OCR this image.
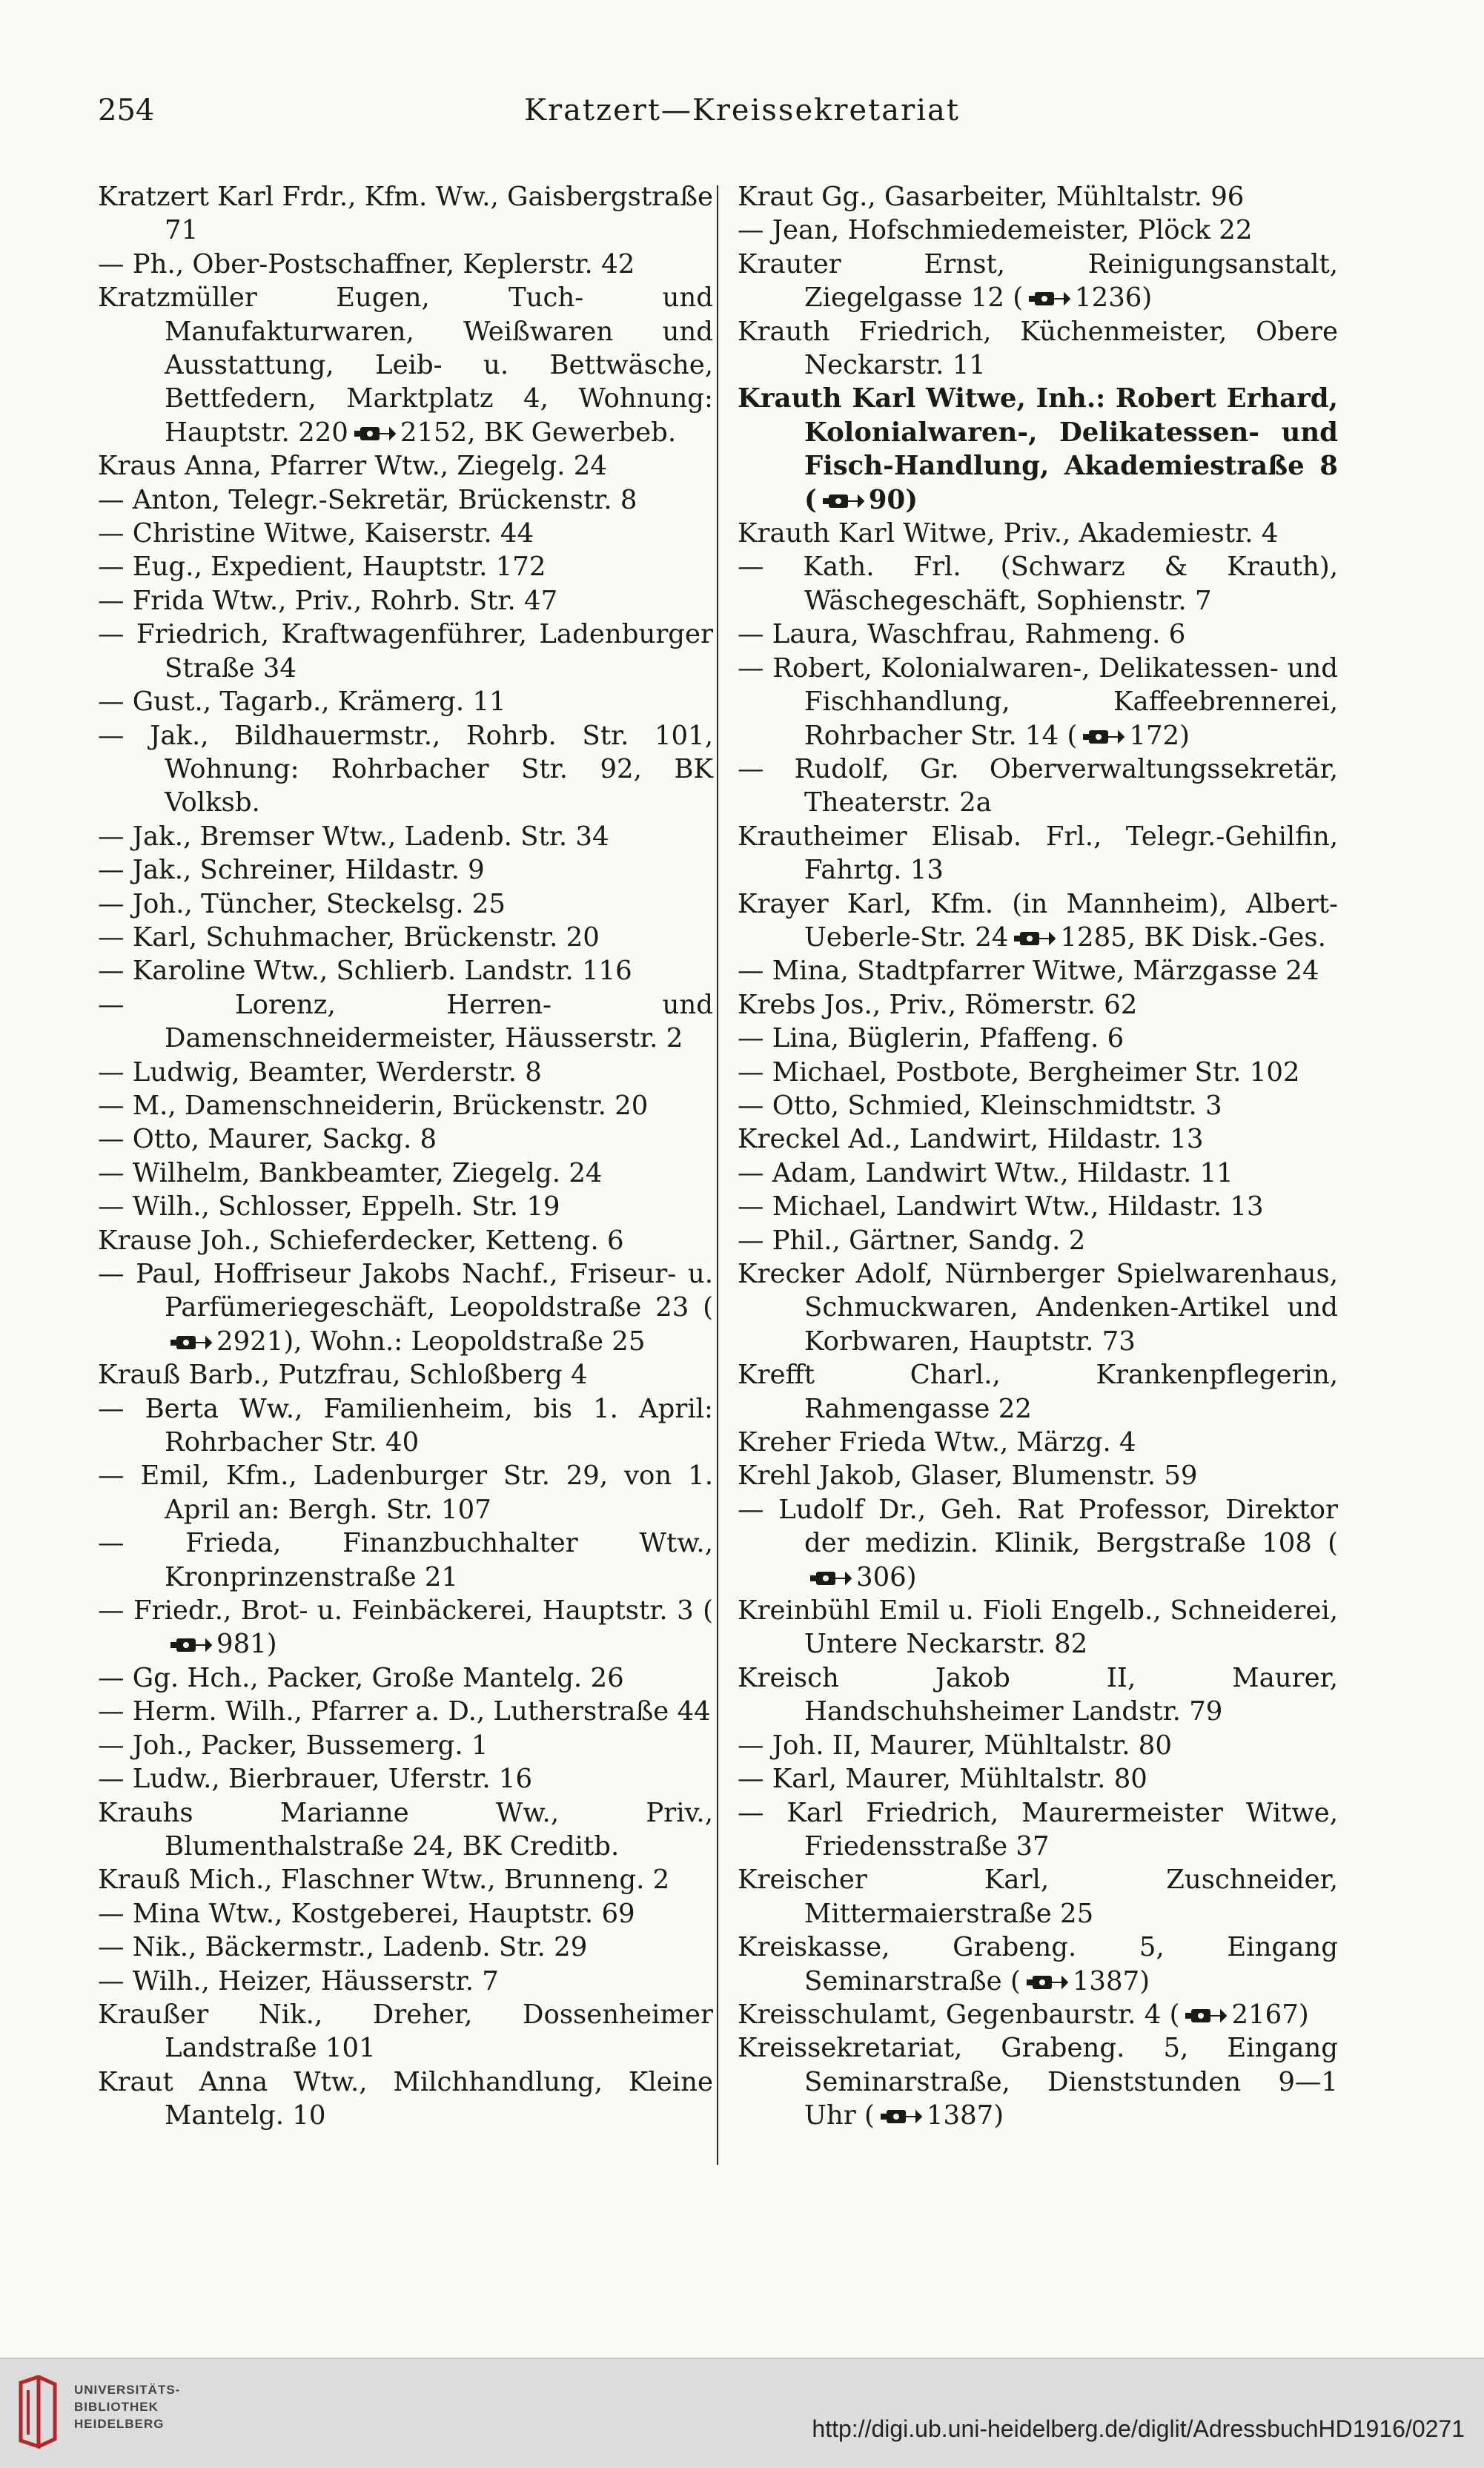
254	Kratzert—Kreissekretariat
Kratzert Karl Frdr., Kfm. Ww., Gaisbergstraße 71
— Ph., Ober-Postschaffner, Keplerstr. 42
Kratzmüller Eugen, Tuch- und Manufakturwaren, Weißwaren und Ausstattung, Leib- u. Bettwäsche, Bettfedern, Marktplatz 4, Wohnung: Hauptstr. 220 2152, BK Gewerbeb.
Kraus Anna, Pfarrer Wtw., Ziegelg. 24
— Anton, Telegr.-Sekretär, Brückenstr. 8
— Christine Witwe, Kaiserstr. 44
— Eug., Expedient, Hauptstr. 172
— Frida Wtw., Priv., Rohrb. Str. 47
— Friedrich, Kraftwagenführer, Ladenburger Straße 34
— Gust., Tagarb., Krämerg. 11
— Jak., Bildhauermstr., Rohrb. Str. 101, Wohnung: Rohrbacher Str. 92, BK Volksb.
— Jak., Bremser Wtw., Ladenb. Str. 34
— Jak., Schreiner, Hildastr. 9
— Joh., Tüncher, Steckelsg. 25
— Karl, Schuhmacher, Brückenstr. 20
— Karoline Wtw., Schlierb. Landstr. 116
— Lorenz, Herren- und Damenschneidermeister, Häusserstr. 2
— Ludwig, Beamter, Werderstr. 8
— M., Damenschneiderin, Brückenstr. 20
— Otto, Maurer, Sackg. 8
— Wilhelm, Bankbeamter, Ziegelg. 24
— Wilh., Schlosser, Eppelh. Str. 19
Krause Joh., Schieferdecker, Ketteng. 6
— Paul, Hoffriseur Jakobs Nachf., Friseur- u. Parfümeriegeschäft, Leopoldstraße 23 (
2921), Wohn.: Leopoldstraße 25
Krauß Barb., Putzfrau, Schloßberg 4
— Berta Ww., Familienheim, bis 1. April: Rohrbacher Str. 40
— Emil, Kfm., Ladenburger Str. 29, von 1. April an: Bergh. Str. 107
— Frieda, Finanzbuchhalter Wtw., Kronprinzenstraße 21
— Friedr., Brot- u. Feinbäckerei, Hauptstr. 3 (
981)
— Gg. Hch., Packer, Große Mantelg. 26
— Herm. Wilh., Pfarrer a. D., Lutherstraße 44
— Joh., Packer, Bussemerg. 1
— Ludw., Bierbrauer, Uferstr. 16
Krauhs Marianne Ww., Priv., Blumenthalstraße 24, BK Creditb.
Krauß Mich., Flaschner Wtw., Brunneng. 2
— Mina Wtw., Kostgeberei, Hauptstr. 69
— Nik., Bäckermstr., Ladenb. Str. 29
— Wilh., Heizer, Häusserstr. 7
Kraußer Nik., Dreher, Dossenheimer Landstraße 101
Kraut Anna Wtw., Milchhandlung, Kleine Mantelg. 10
Kraut Gg., Gasarbeiter, Mühltalstr. 96
— Jean, Hofschmiedemeister, Plöck 22
Krauter Ernst, Reinigungsanstalt, Ziegelgasse 12 ( 1236)
Krauth Friedrich, Küchenmeister, Obere Neckarstr. 11
Krauth Karl Witwe, Inh.: Robert Erhard, Kolonialwaren-, Delikatessen- und Fisch-Handlung, Akademiestraße 8 ( 90)
Krauth Karl Witwe, Priv., Akademiestr. 4
— Kath. Frl. (Schwarz & Krauth), Wäschegeschäft, Sophienstr. 7
— Laura, Waschfrau, Rahmeng. 6
— Robert, Kolonialwaren-, Delikatessen- und Fischhandlung, Kaffeebrennerei, Rohrbacher Str. 14 ( 172)
— Rudolf, Gr. Oberverwaltungssekretär, Theaterstr. 2a
Krautheimer Elisab. Frl., Telegr.-Gehilfin, Fahrtg. 13
Krayer Karl, Kfm. (in Mannheim), Albert-Ueberle-Str. 24 1285, BK Disk.-Ges.
— Mina, Stadtpfarrer Witwe, Märzgasse 24
Krebs Jos., Priv., Römerstr. 62
— Lina, Büglerin, Pfaffeng. 6
— Michael, Postbote, Bergheimer Str. 102
— Otto, Schmied, Kleinschmidtstr. 3
Kreckel Ad., Landwirt, Hildastr. 13
— Adam, Landwirt Wtw., Hildastr. 11
— Michael, Landwirt Wtw., Hildastr. 13
— Phil., Gärtner, Sandg. 2
Krecker Adolf, Nürnberger Spielwarenhaus, Schmuckwaren, Andenken-Artikel und Korbwaren, Hauptstr. 73
Krefft Charl., Krankenpflegerin, Rahmengasse 22
Kreher Frieda Wtw., Märzg. 4
Krehl Jakob, Glaser, Blumenstr. 59
— Ludolf Dr., Geh. Rat Professor, Direktor der medizin. Klinik, Bergstraße 108 (
306)
Kreinbühl Emil u. Fioli Engelb., Schneiderei, Untere Neckarstr. 82
Kreisch Jakob II, Maurer, Handschuhsheimer Landstr. 79
— Joh. II, Maurer, Mühltalstr. 80
— Karl, Maurer, Mühltalstr. 80
— Karl Friedrich, Maurermeister Witwe, Friedensstraße 37
Kreischer Karl, Zuschneider, Mittermaierstraße 25
Kreiskasse, Grabeng. 5, Eingang Seminarstraße ( 1387)
Kreisschulamt, Gegenbaurstr. 4 ( 2167)
Kreissekretariat, Grabeng. 5, Eingang Seminarstraße, Dienststunden 9—1 Uhr ( 1387)
UNIVERSITÄTS-
BIBLIOTHEK
HEIDELBERG	http://digi.ub.uni-heidelberg.de/diglit/AdressbuchHD1916/0271
